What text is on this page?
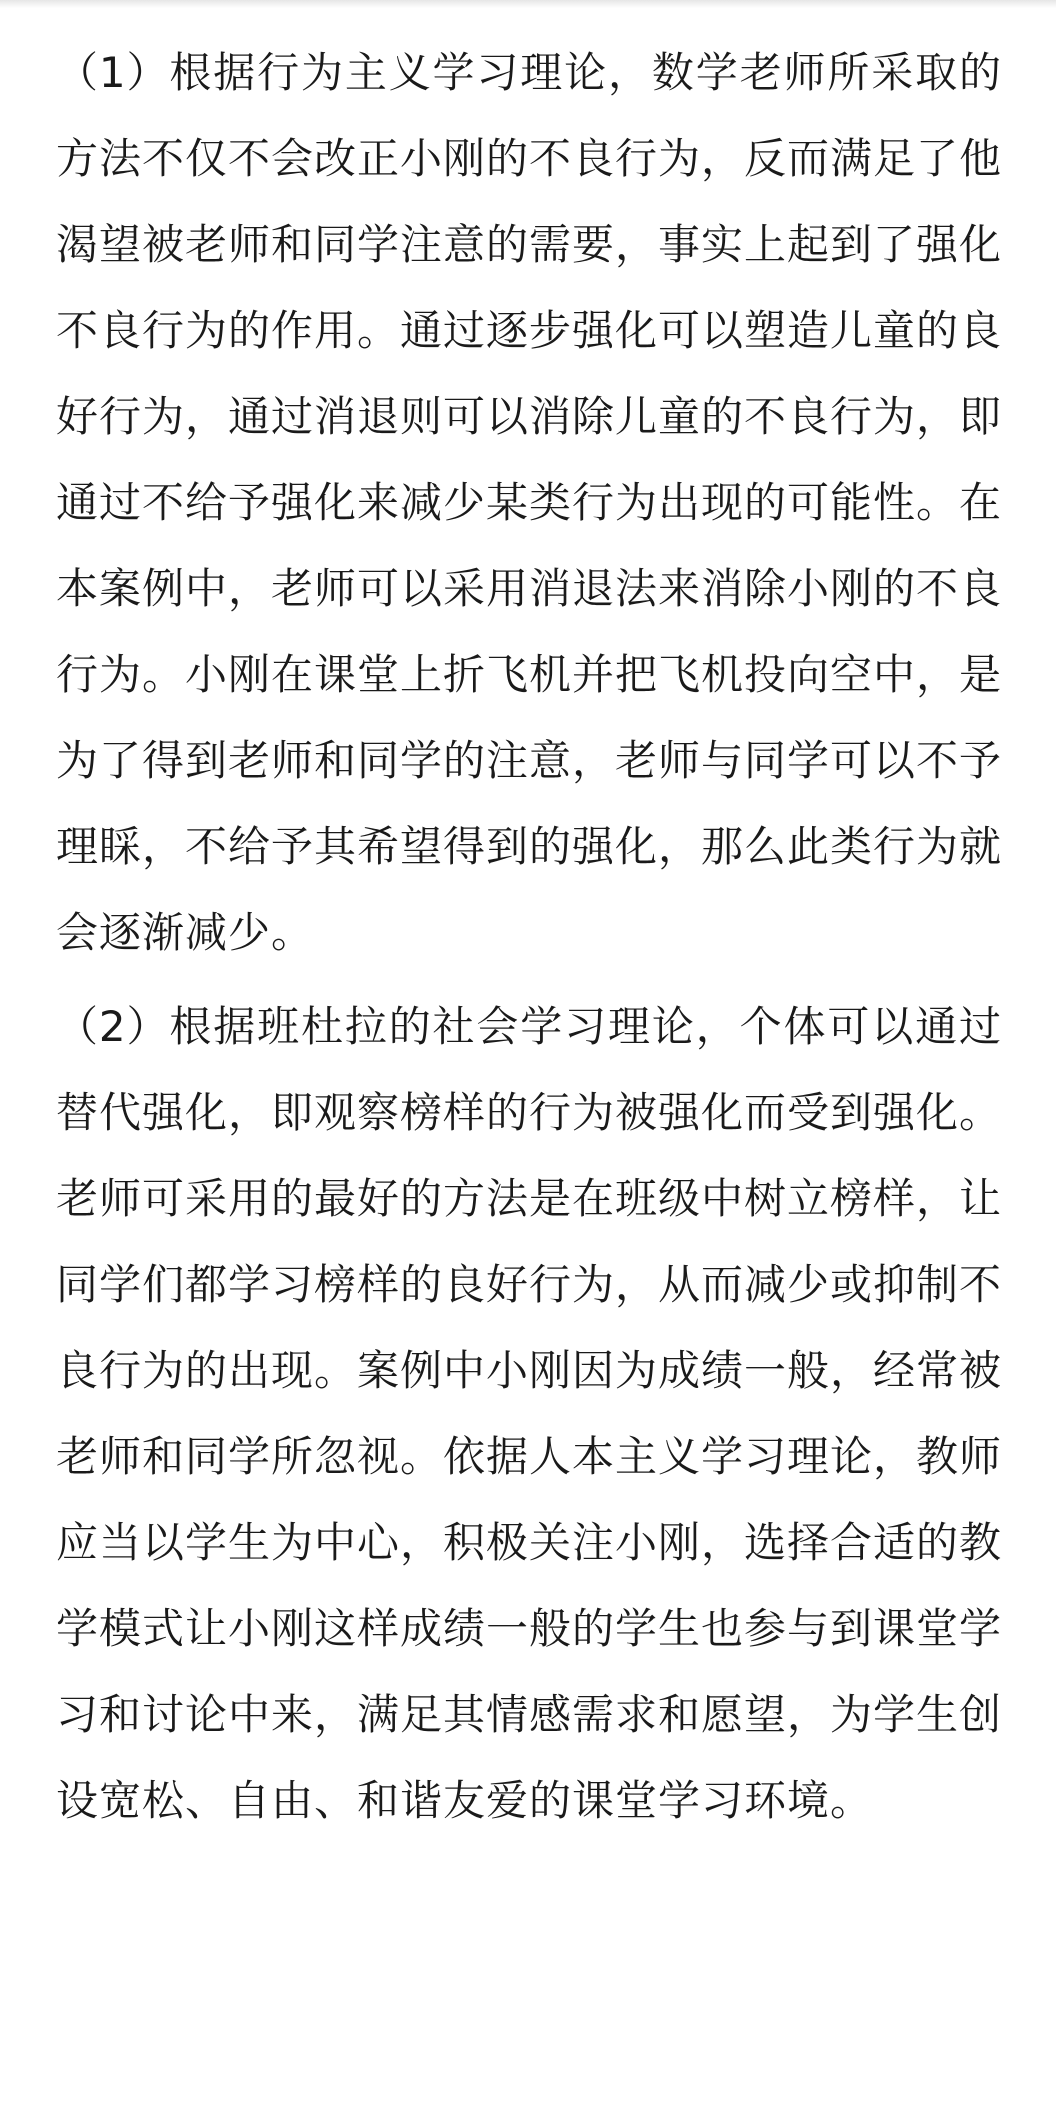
（1）根据行为主义学习理论，数学老师所采取的方法不仅不会改正小刚的不良行为，反而满足了他渴望被老师和同学注意的需要，事实上起到了强化不良行为的作用。通过逐步强化可以塑造儿童的良好行为，通过消退则可以消除儿童的不良行为，即通过不给予强化来减少某类行为出现的可能性。在本案例中，老师可以采用消退法来消除小刚的不良行为。小刚在课堂上折飞机并把飞机投向空中，是为了得到老师和同学的注意，老师与同学可以不予理睬，不给予其希望得到的强化，那么此类行为就会逐渐减少。

（2）根据班杜拉的社会学习理论，个体可以通过替代强化，即观察榜样的行为被强化而受到强化。老师可采用的最好的方法是在班级中树立榜样，让同学们都学习榜样的良好行为，从而减少或抑制不良行为的出现。案例中小刚因为成绩一般，经常被老师和同学所忽视。依据人本主义学习理论，教师应当以学生为中心，积极关注小刚，选择合适的教学模式让小刚这样成绩一般的学生也参与到课堂学习和讨论中来，满足其情感需求和愿望，为学生创设宽松、自由、和谐友爱的课堂学习环境。
